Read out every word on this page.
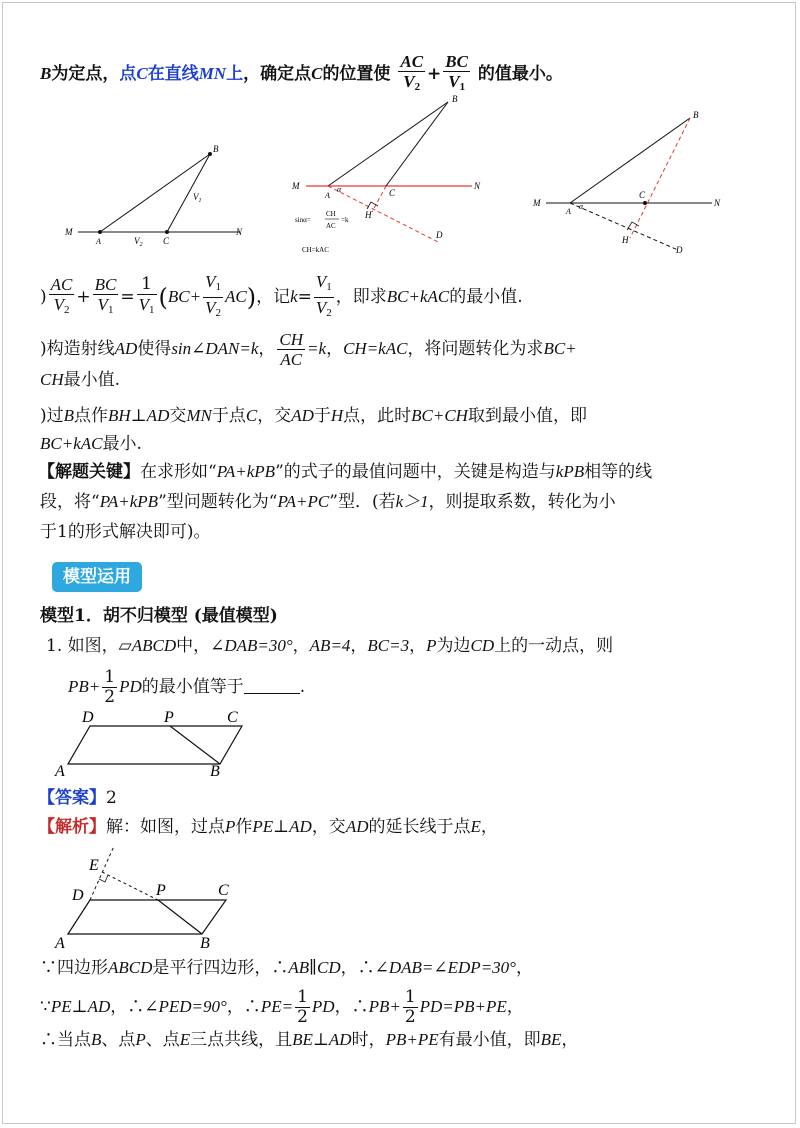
B为定点，点C在直线MN上，确定点C的位置使 $\frac{AC}{V_2} + \frac{BC}{V_1}$ 的值最小。
B
$V_1$
M
A	$V_2$ C
N
B
M	N
A
α	C
H
D
sinα=
CH
AC
=k
CH=kAC
B
M	N
A
α
C
H
D
) $\frac{AC}{V_2} + \frac{BC}{V_1} = \frac{1}{V_1} (BC+ \frac{V_1}{V_2} AC)$，记$k= \frac{V_1}{V_2}$ ，即求BC+kAC的最小值.
)构造射线AD使得sin∠DAN=k， $\frac{CH}{AC} =k$，CH=kAC，将问题转化为求BC+
CH最小值.
)过B点作BH⊥AD交MN于点C，交AD于H点，此时BC+CH取到最小值，即
BC+kAC最小.
【解题关键】在求形如“PA+kPB”的式子的最值问题中，关键是构造与kPB相等的线
段，将“PA+kPB”型问题转化为“PA+PC”型．(若k＞1，则提取系数，转化为小
于1的形式解决即可)。
模型运用
模型1．胡不归模型 (最值模型)
1. 如图，▱ABCD中，∠DAB=30°，AB=4，BC=3，P为边CD上的一动点，则
$PB+ \frac{1}{2}$ PD的最小值等于	.
D	P	C
A	B
【答案】2
【解析】解：如图，过点P作PE⊥AD，交AD的延长线于点E，
E
D	P	C
A	B
∵四边形ABCD是平行四边形，∴AB∥CD，∴∠DAB=∠EDP=30°，
∵PE⊥AD，∴∠PED=90°，∴PE= $\frac{1}{2}$ PD，∴PB+ $\frac{1}{2} PD=PB+PE$，
∴当点B、点P、点E三点共线，且BE⊥AD时，PB+PE有最小值，即BE，
